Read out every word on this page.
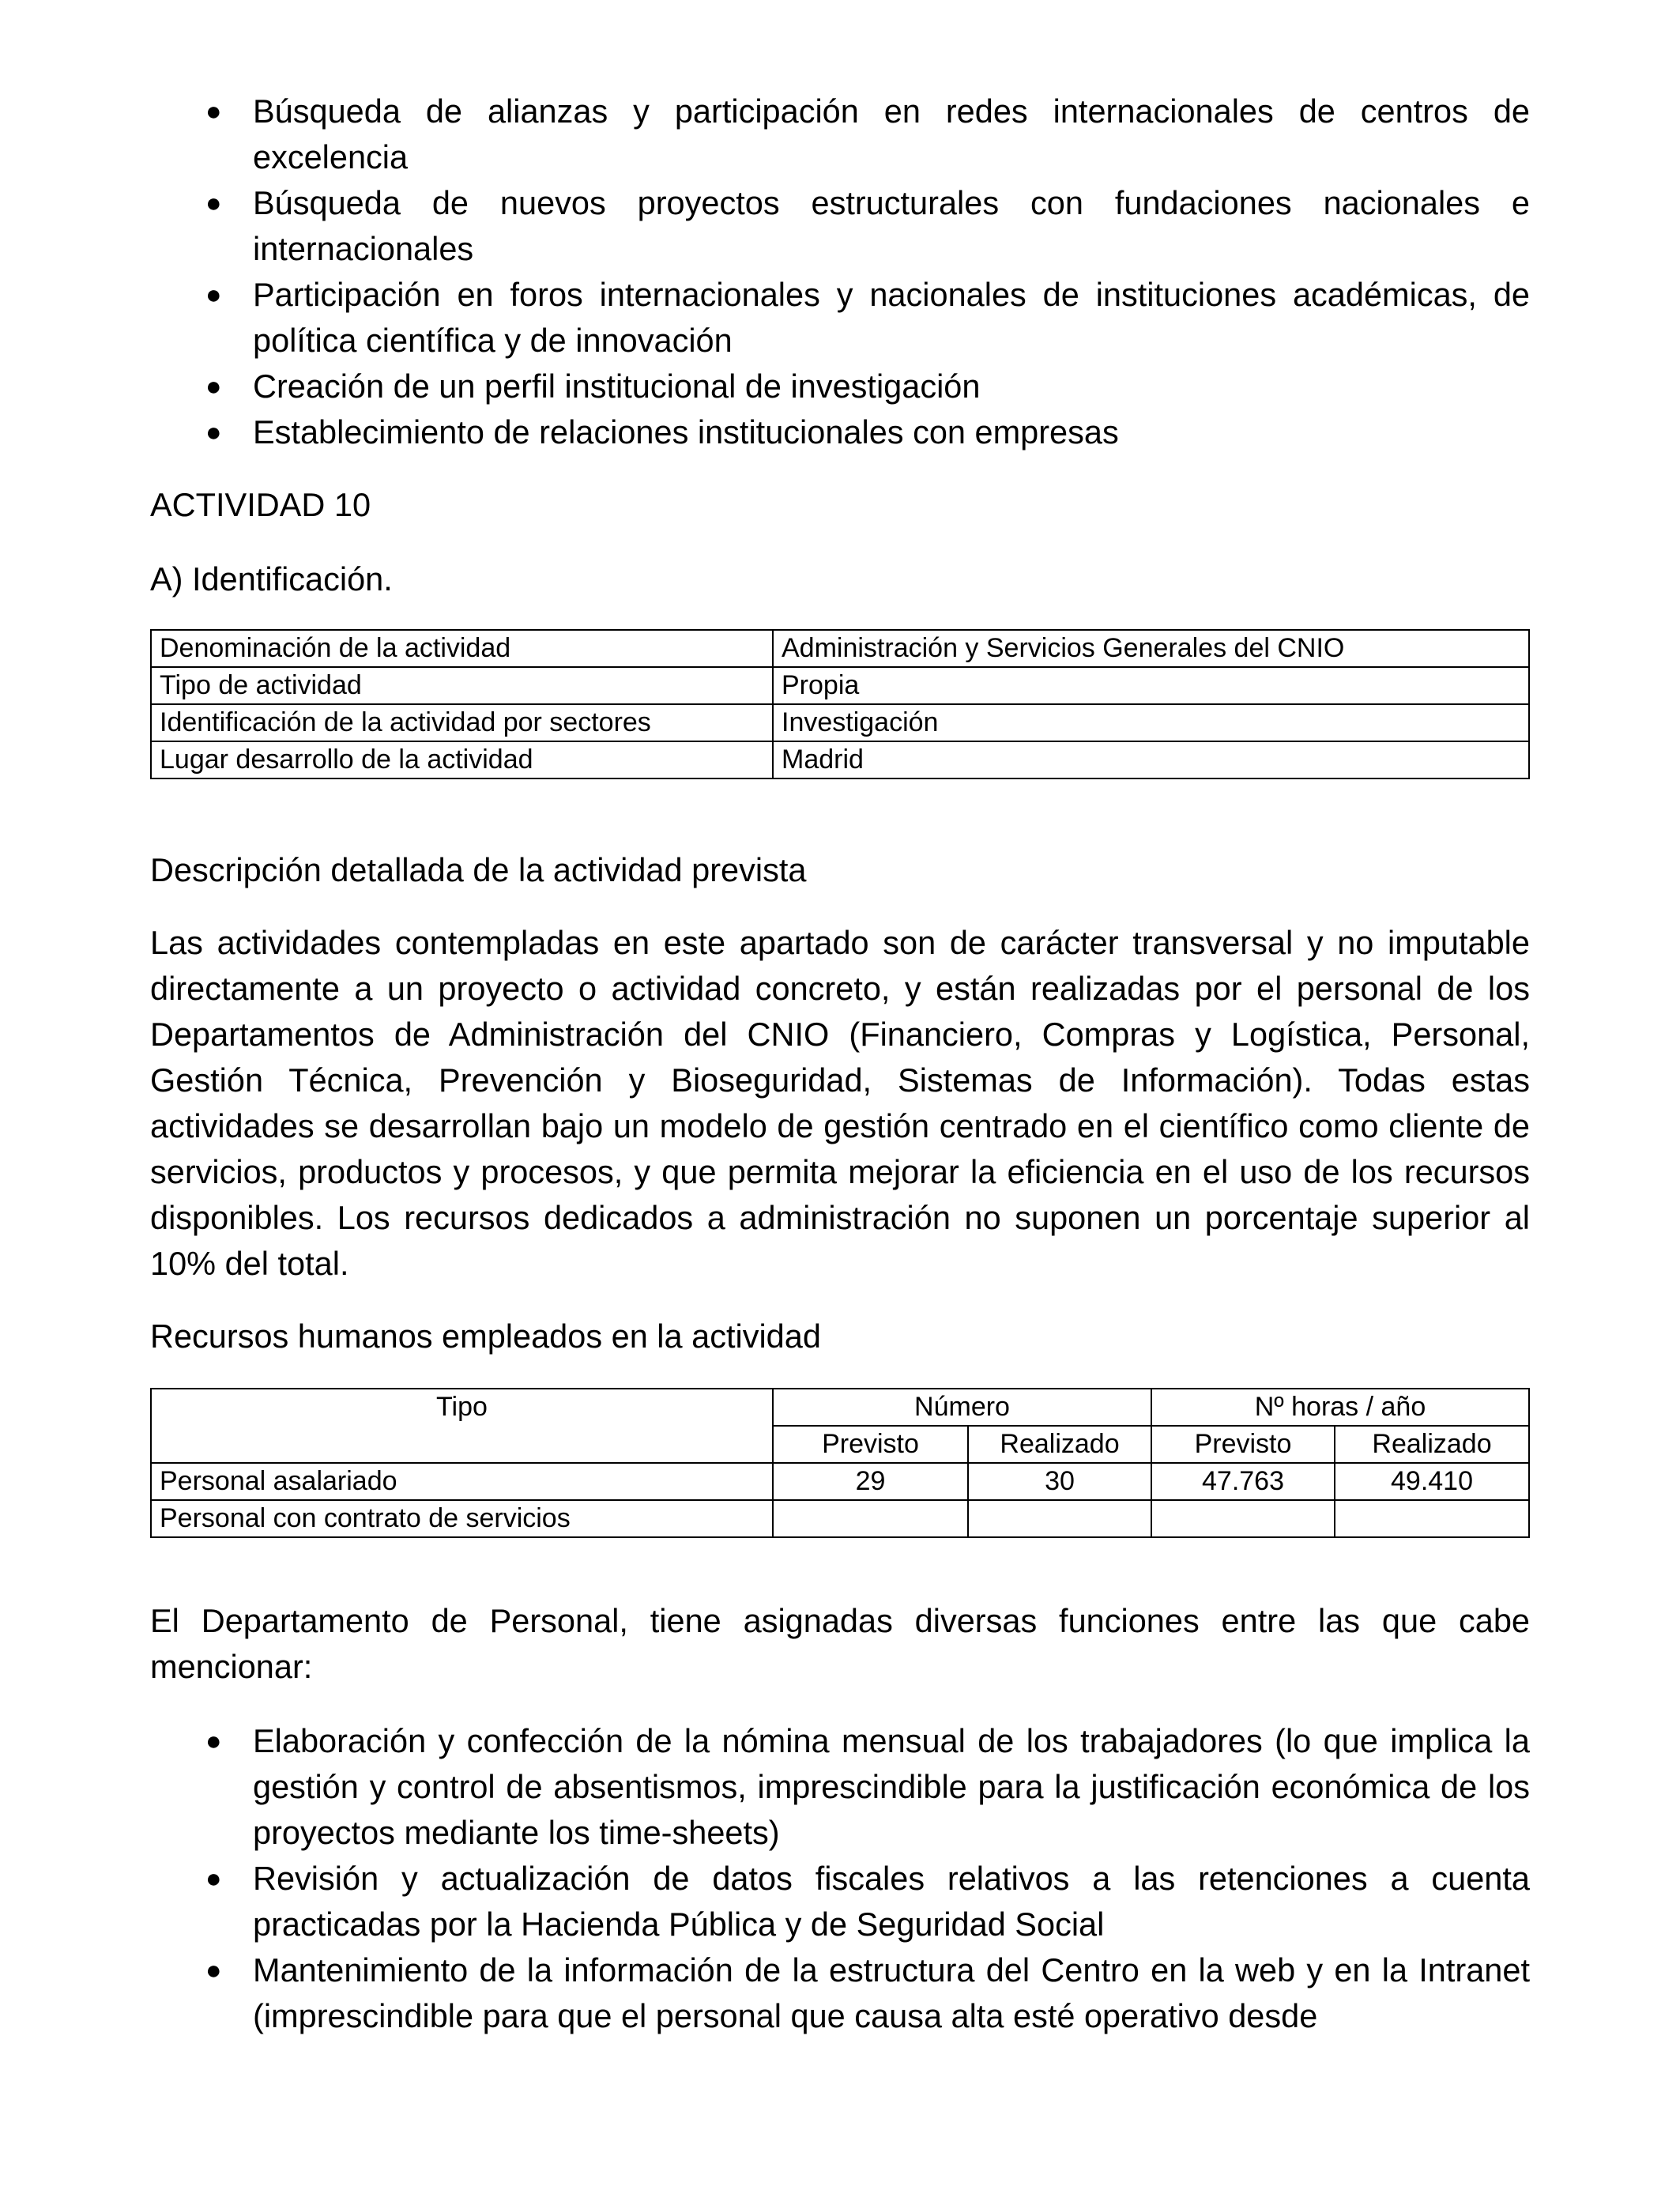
● Búsqueda de alianzas y participación en redes internacionales de centros de excelencia
● Búsqueda de nuevos proyectos estructurales con fundaciones nacionales e internacionales
● Participación en foros internacionales y nacionales de instituciones académicas, de política científica y de innovación
● Creación de un perfil institucional de investigación
● Establecimiento de relaciones institucionales con empresas

ACTIVIDAD 10

A) Identificación.

Denominación de la actividad	Administración y Servicios Generales del CNIO
Tipo de actividad	Propia
Identificación de la actividad por sectores	Investigación
Lugar desarrollo de la actividad	Madrid

Descripción detallada de la actividad prevista

Las actividades contempladas en este apartado son de carácter transversal y no imputable directamente a un proyecto o actividad concreto, y están realizadas por el personal de los Departamentos de Administración del CNIO (Financiero, Compras y Logística, Personal, Gestión Técnica, Prevención y Bioseguridad, Sistemas de Información). Todas estas actividades se desarrollan bajo un modelo de gestión centrado en el científico como cliente de servicios, productos y procesos, y que permita mejorar la eficiencia en el uso de los recursos disponibles. Los recursos dedicados a administración no suponen un porcentaje superior al 10% del total.

Recursos humanos empleados en la actividad

Tipo	Número		Nº horas / año	
	Previsto	Realizado	Previsto	Realizado
Personal asalariado	29	30	47.763	49.410
Personal con contrato de servicios				

El Departamento de Personal, tiene asignadas diversas funciones entre las que cabe mencionar:

● Elaboración y confección de la nómina mensual de los trabajadores (lo que implica la gestión y control de absentismos, imprescindible para la justificación económica de los proyectos mediante los time-sheets)
● Revisión y actualización de datos fiscales relativos a las retenciones a cuenta practicadas por la Hacienda Pública y de Seguridad Social
● Mantenimiento de la información de la estructura del Centro en la web y en la Intranet (imprescindible para que el personal que causa alta esté operativo desde
